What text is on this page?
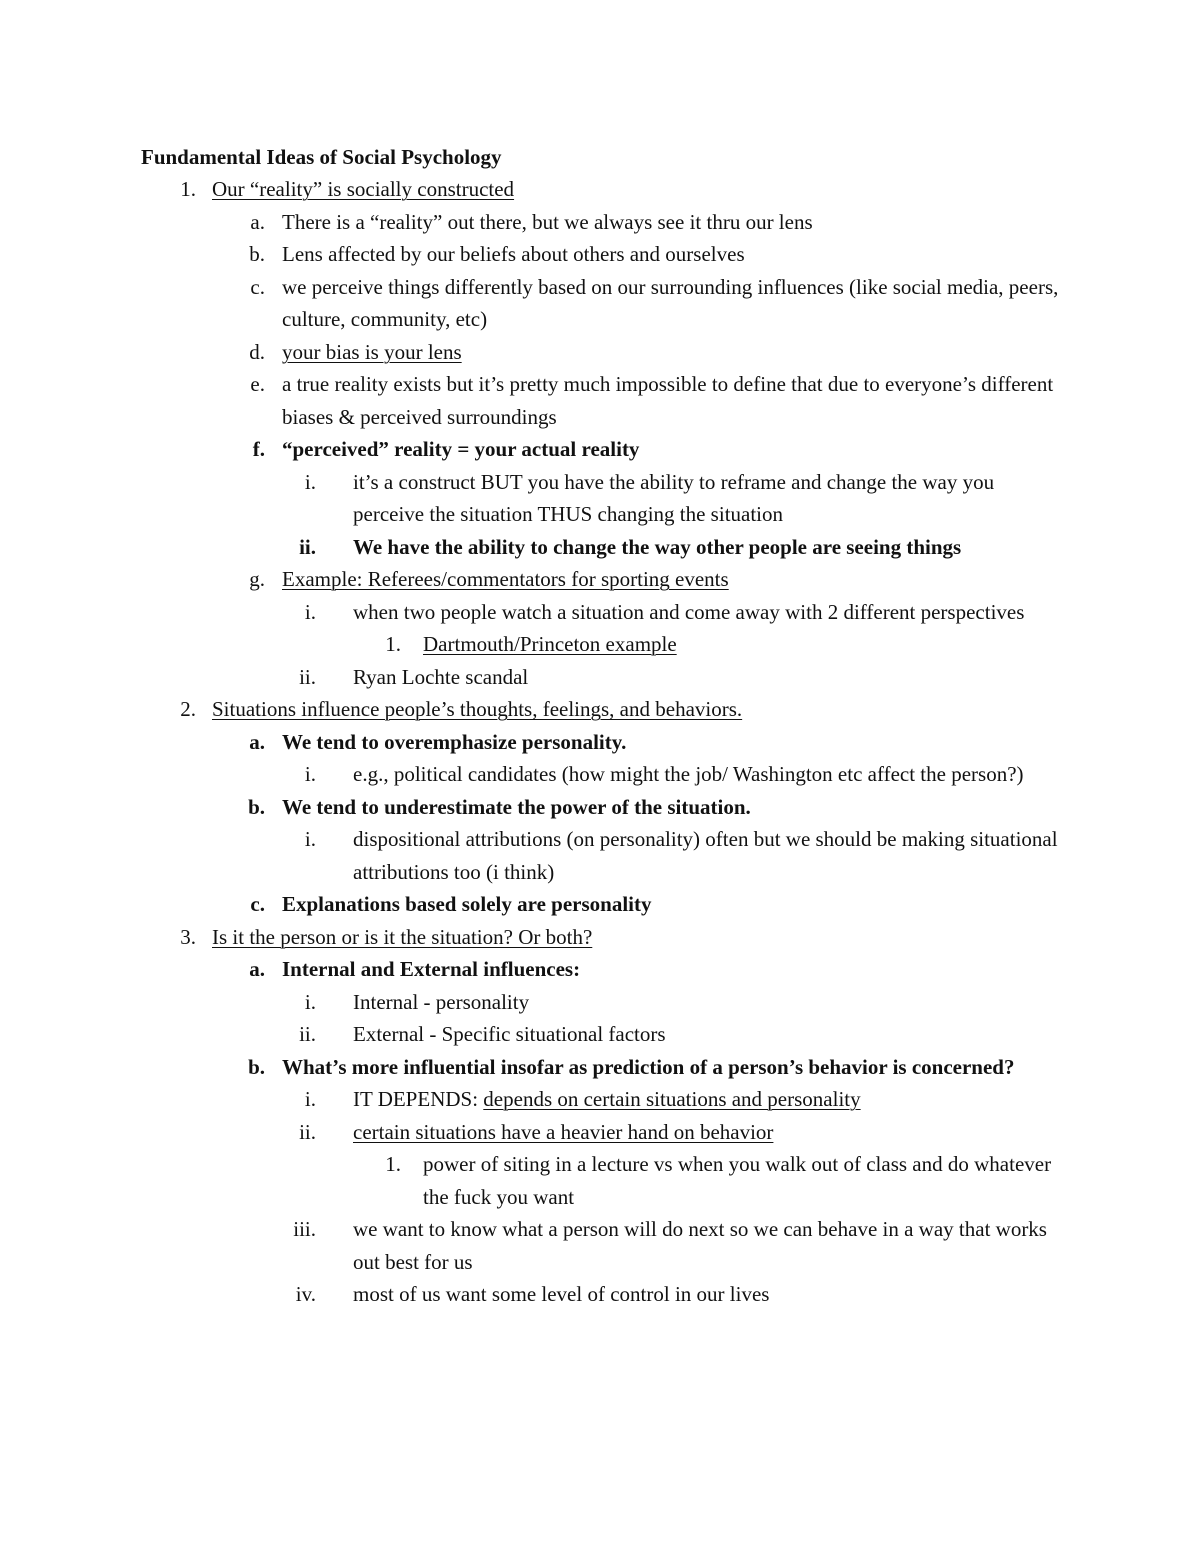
Fundamental Ideas of Social Psychology
1. Our “reality” is socially constructed
a. There is a “reality” out there, but we always see it thru our lens
b. Lens affected by our beliefs about others and ourselves
c. we perceive things differently based on our surrounding influences (like social media, peers, culture, community, etc)
d. your bias is your lens
e. a true reality exists but it’s pretty much impossible to define that due to everyone’s different biases & perceived surroundings
f. “perceived” reality = your actual reality
i. it’s a construct BUT you have the ability to reframe and change the way you perceive the situation THUS changing the situation
ii. We have the ability to change the way other people are seeing things
g. Example: Referees/commentators for sporting events
i. when two people watch a situation and come away with 2 different perspectives
1. Dartmouth/Princeton example
ii. Ryan Lochte scandal
2. Situations influence people’s thoughts, feelings, and behaviors.
a. We tend to overemphasize personality.
i. e.g., political candidates (how might the job/ Washington etc affect the person?)
b. We tend to underestimate the power of the situation.
i. dispositional attributions (on personality) often but we should be making situational attributions too (i think)
c. Explanations based solely are personality
3. Is it the person or is it the situation? Or both?
a. Internal and External influences:
i. Internal - personality
ii. External - Specific situational factors
b. What’s more influential insofar as prediction of a person’s behavior is concerned?
i. IT DEPENDS: depends on certain situations and personality
ii. certain situations have a heavier hand on behavior
1. power of siting in a lecture vs when you walk out of class and do whatever the fuck you want
iii. we want to know what a person will do next so we can behave in a way that works out best for us
iv. most of us want some level of control in our lives
